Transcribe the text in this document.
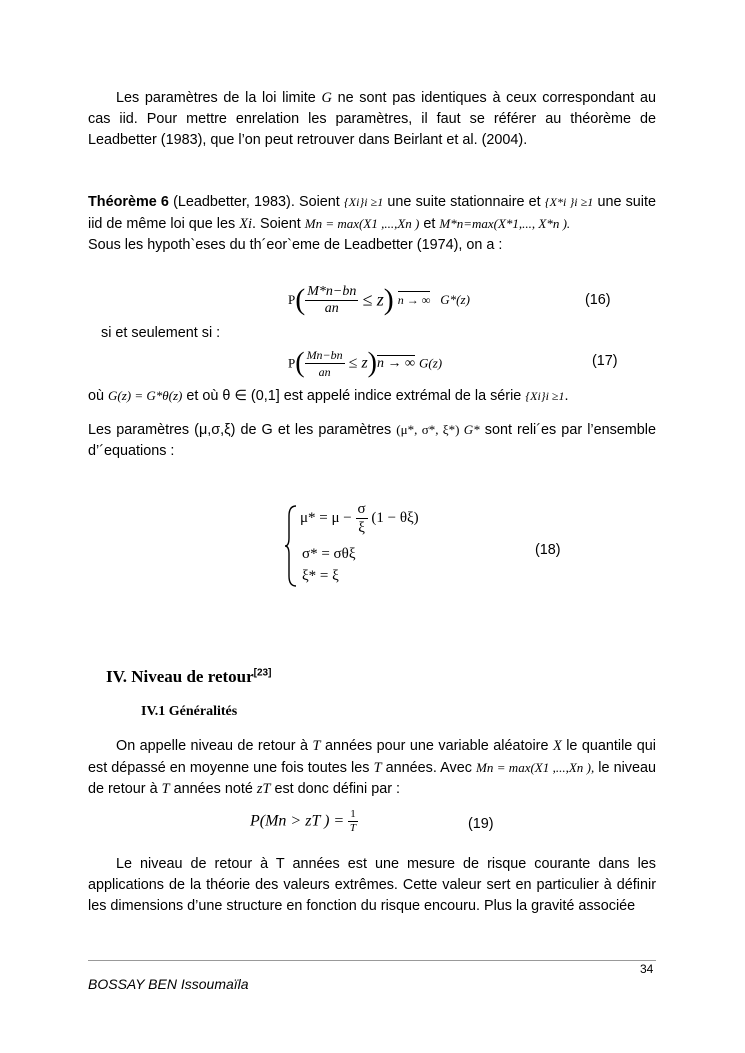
Les paramètres de la loi limite G ne sont pas identiques à ceux correspondant au cas iid. Pour mettre enrelation les paramètres, il faut se référer au théorème de Leadbetter (1983), que l’on peut retrouver dans Beirlant et al. (2004).
Théorème 6 (Leadbetter, 1983). Soient {Xi}i ≥1 une suite stationnaire et {X*i }i ≥1 une suite iid de même loi que les Xi. Soient Mn = max(X1 ,...,Xn ) et M*n=max(X*1,..., X*n ).
Sous les hypoth`eses du th´eor`eme de Leadbetter (1974), on a :
$P( \frac{M*n-bn}{an} \le z)$ n → ∞ G*(z)	(16)
si et seulement si :
$P( \frac{Mn-bn}{an} \le z)n$ → ∞ G(z)	(17)
où G(z) = G*θ(z) et où θ ∈ (0,1] est appelé indice extrémal de la série {Xi}i ≥1.
Les paramètres (μ,σ,ξ) de G et les paramètres (μ*, σ*, ξ*) G* sont reli´es par l’ensemble d’´equations :
$\mu* = \mu - \frac{\sigma}{\xi} (1 - \theta\xi)$
σ* = σθξ
ξ* = ξ
(18)
IV. Niveau de retour[23]
IV.1 Généralités
On appelle niveau de retour à T années pour une variable aléatoire X le quantile qui est dépassé en moyenne une fois toutes les T années. Avec Mn = max(X1 ,...,Xn ), le niveau de retour à T années noté zT est donc défini par :
P(Mn > zT ) = $\frac{1}{T}$	(19)
Le niveau de retour à T années est une mesure de risque courante dans les applications de la théorie des valeurs extrêmes. Cette valeur sert en particulier à définir les dimensions d’une structure en fonction du risque encouru. Plus la gravité associée
34
BOSSAY BEN Issoumaïla
